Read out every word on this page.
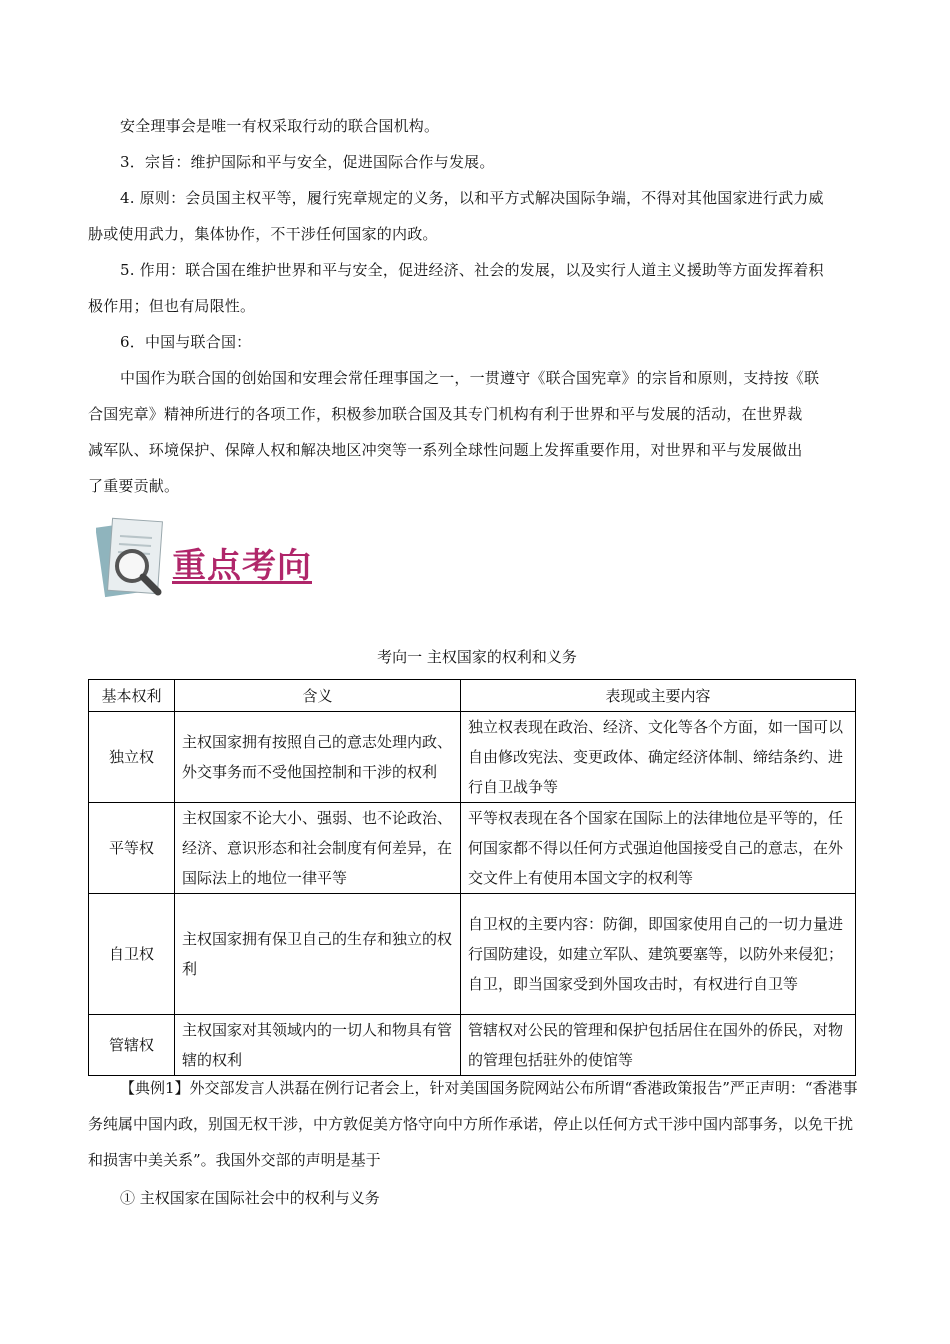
安全理事会是唯一有权采取行动的联合国机构。
3．宗旨：维护国际和平与安全，促进国际合作与发展。
4. 原则：会员国主权平等，履行宪章规定的义务，以和平方式解决国际争端，不得对其他国家进行武力威
胁或使用武力，集体协作，不干涉任何国家的内政。
5. 作用：联合国在维护世界和平与安全，促进经济、社会的发展，以及实行人道主义援助等方面发挥着积
极作用；但也有局限性。
6．中国与联合国：
中国作为联合国的创始国和安理会常任理事国之一，一贯遵守《联合国宪章》的宗旨和原则，支持按《联
合国宪章》精神所进行的各项工作，积极参加联合国及其专门机构有利于世界和平与发展的活动，在世界裁
减军队、环境保护、保障人权和解决地区冲突等一系列全球性问题上发挥重要作用，对世界和平与发展做出
了重要贡献。
重点考向
考向一 主权国家的权利和义务
基本权利	含义	表现或主要内容
独立权	主权国家拥有按照自己的意志处理内政、外交事务而不受他国控制和干涉的权利	独立权表现在政治、经济、文化等各个方面，如一国可以自由修改宪法、变更政体、确定经济体制、缔结条约、进行自卫战争等
平等权	主权国家不论大小、强弱、也不论政治、经济、意识形态和社会制度有何差异，在国际法上的地位一律平等	平等权表现在各个国家在国际上的法律地位是平等的，任何国家都不得以任何方式强迫他国接受自己的意志，在外交文件上有使用本国文字的权利等
自卫权	主权国家拥有保卫自己的生存和独立的权利	自卫权的主要内容：防御，即国家使用自己的一切力量进行国防建设，如建立军队、建筑要塞等，以防外来侵犯；自卫，即当国家受到外国攻击时，有权进行自卫等
管辖权	主权国家对其领域内的一切人和物具有管辖的权利	管辖权对公民的管理和保护包括居住在国外的侨民，对物的管理包括驻外的使馆等
【典例1】外交部发言人洪磊在例行记者会上，针对美国国务院网站公布所谓“香港政策报告”严正声明：“香港事务纯属中国内政，别国无权干涉，中方敦促美方恪守向中方所作承诺，停止以任何方式干涉中国内部事务，以免干扰和损害中美关系”。我国外交部的声明是基于
① 主权国家在国际社会中的权利与义务
